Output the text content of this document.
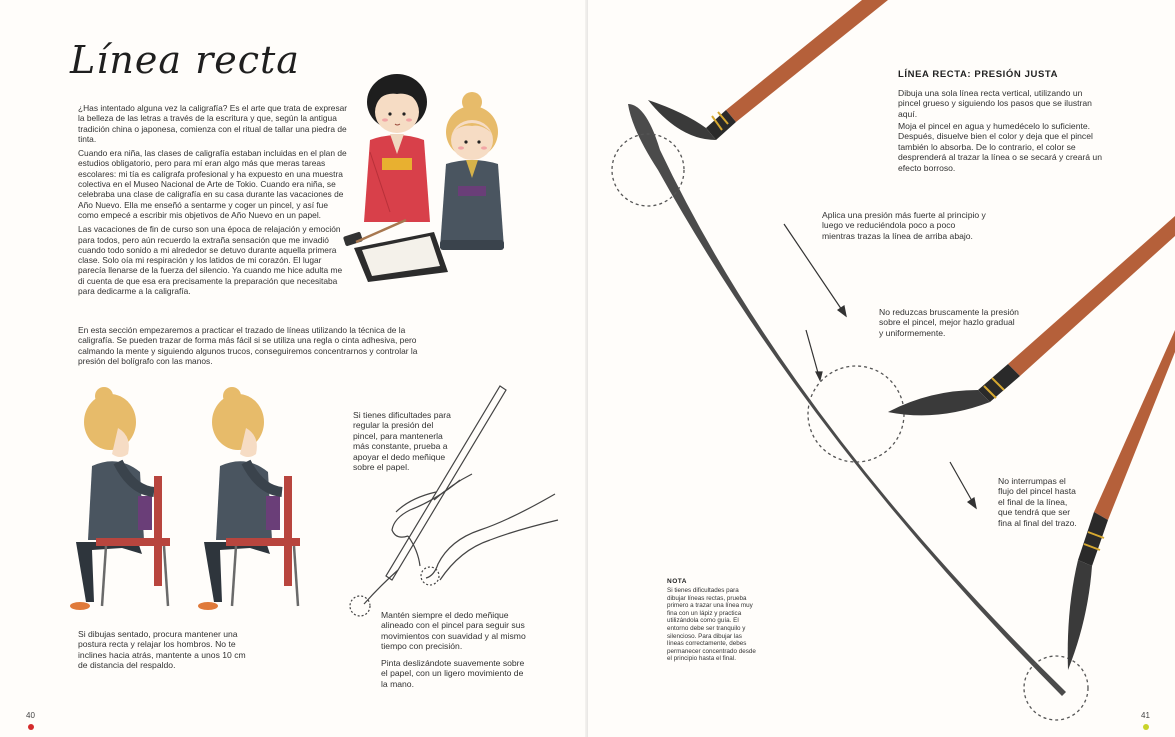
Línea recta

¿Has intentado alguna vez la caligrafía? Es el arte que trata de expresar la belleza de las letras a través de la escritura y que, según la antigua tradición china o japonesa, comienza con el ritual de tallar una piedra de tinta.

Cuando era niña, las clases de caligrafía estaban incluidas en el plan de estudios obligatorio, pero para mí eran algo más que meras tareas escolares: mi tía es calígrafa profesional y ha expuesto en una muestra colectiva en el Museo Nacional de Arte de Tokio. Cuando era niña, se celebraba una clase de caligrafía en su casa durante las vacaciones de Año Nuevo. Ella me enseñó a sentarme y coger un pincel, y así fue como empecé a escribir mis objetivos de Año Nuevo en un papel.

Las vacaciones de fin de curso son una época de relajación y emoción para todos, pero aún recuerdo la extraña sensación que me invadió cuando todo sonido a mi alrededor se detuvo durante aquella primera clase. Solo oía mi respiración y los latidos de mi corazón. El lugar parecía llenarse de la fuerza del silencio. Ya cuando me hice adulta me di cuenta de que esa era precisamente la preparación que necesitaba para dedicarme a la caligrafía.

En esta sección empezaremos a practicar el trazado de líneas utilizando la técnica de la caligrafía. Se pueden trazar de forma más fácil si se utiliza una regla o cinta adhesiva, pero calmando la mente y siguiendo algunos trucos, conseguiremos concentrarnos y controlar la presión del bolígrafo con las manos.
Si dibujas sentado, procura mantener una postura recta y relajar los hombros. No te inclines hacia atrás, mantente a unos 10 cm de distancia del respaldo.
Si tienes dificultades para regular la presión del pincel, para mantenerla más constante, prueba a apoyar el dedo meñique sobre el papel.
Mantén siempre el dedo meñique alineado con el pincel para seguir sus movimientos con suavidad y al mismo tiempo con precisión.
Pinta deslizándote suavemente sobre el papel, con un ligero movimiento de la mano.
40
LÍNEA RECTA: PRESIÓN JUSTA
Dibuja una sola línea recta vertical, utilizando un pincel grueso y siguiendo los pasos que se ilustran aquí.
Moja el pincel en agua y humedécelo lo suficiente. Después, disuelve bien el color y deja que el pincel también lo absorba. De lo contrario, el color se desprenderá al trazar la línea o se secará y creará un efecto borroso.
Aplica una presión más fuerte al principio y luego ve reduciéndola poco a poco mientras trazas la línea de arriba abajo.
No reduzcas bruscamente la presión sobre el pincel, mejor hazlo gradual y uniformemente.
No interrumpas el flujo del pincel hasta el final de la línea, que tendrá que ser fina al final del trazo.
NOTA
Si tienes dificultades para dibujar líneas rectas, prueba primero a trazar una línea muy fina con un lápiz y practica utilizándola como guía. El entorno debe ser tranquilo y silencioso. Para dibujar las líneas correctamente, debes permanecer concentrado desde el principio hasta el final.
41
